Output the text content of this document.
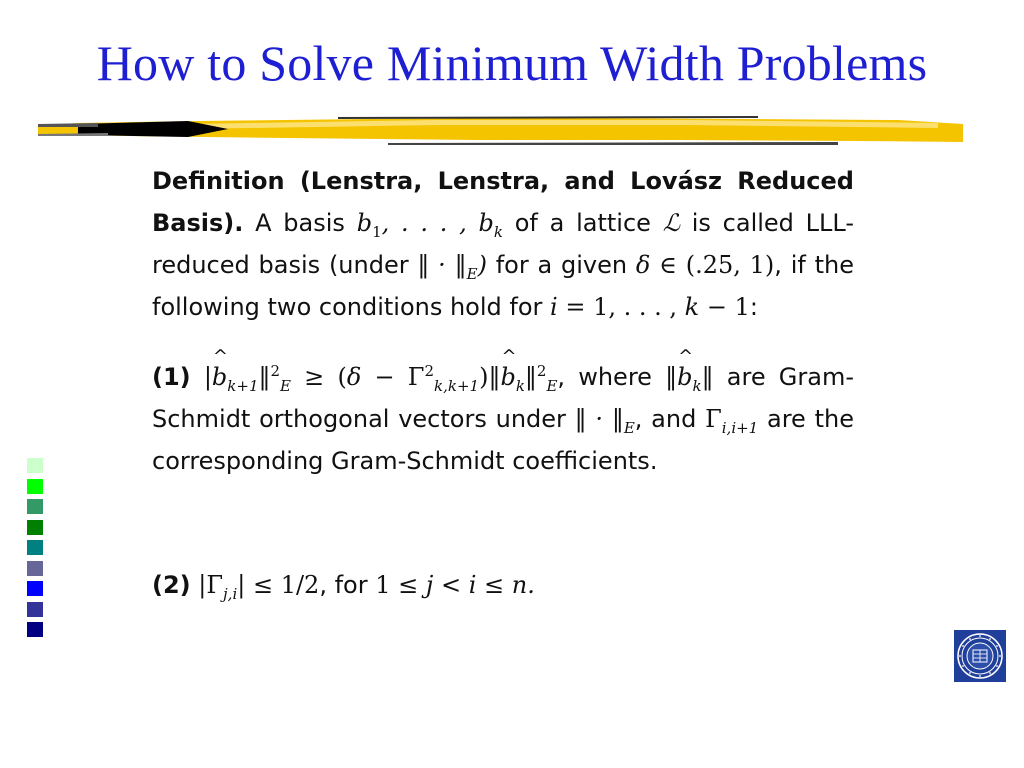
How to Solve Minimum Width Problems
Definition (Lenstra, Lenstra, and Lovász Reduced Basis). A basis $b_1$, . . . , $b_k$ of a lattice ℒ is called LLL-reduced basis (under ‖ · $‖_E$) for a given δ ∈ (.25, 1), if the following two conditions hold for i = 1, . . . , k − 1:
(1) |^ $b_{k+1}‖^2_E \ge (\delta$ − $\Gamma^2_{k,k+1})‖\^{}$ $b_k‖^2_E$, where ‖^ $b_k‖$ are Gram-Schmidt orthogonal vectors under ‖ · $‖_E$, and $\Gamma_{i,i+1}$ are the corresponding Gram-Schmidt coefficients.
(2) $|\Gamma_{j,i}| \le 1/2$, for 1 ≤ j < i ≤ n.
